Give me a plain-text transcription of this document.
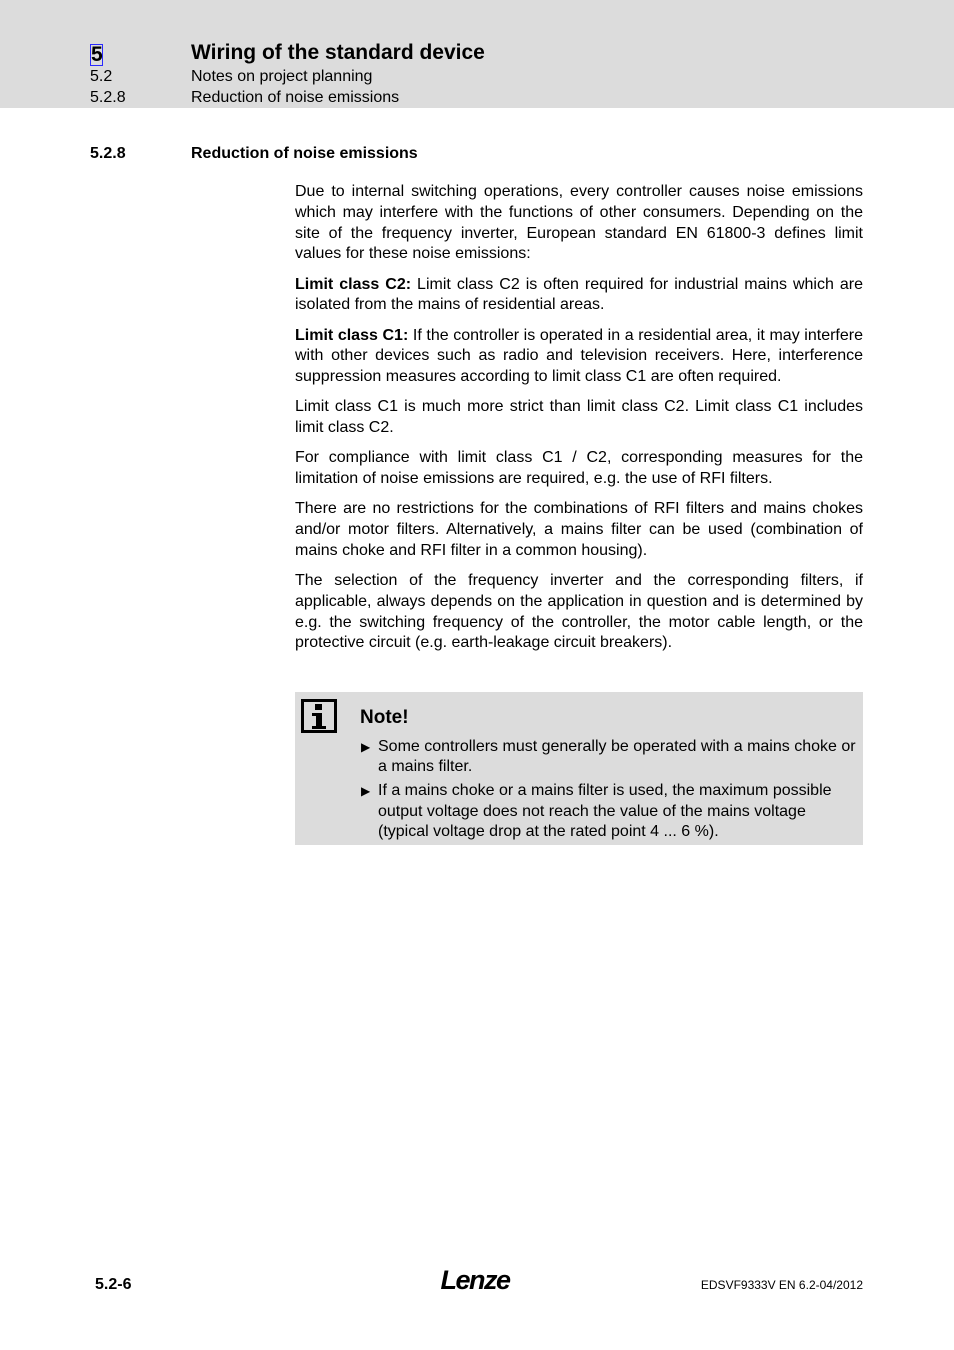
5	Wiring of the standard device
5.2	Notes on project planning
5.2.8	Reduction of noise emissions
5.2.8	Reduction of noise emissions

Due to internal switching operations, every controller causes noise emissions which may interfere with the functions of other consumers. Depending on the site of the frequency inverter, European standard EN 61800-3 defines limit values for these noise emissions:

Limit class C2: Limit class C2 is often required for industrial mains which are isolated from the mains of residential areas.

Limit class C1: If the controller is operated in a residential area, it may interfere with other devices such as radio and television receivers. Here, interference suppression measures according to limit class C1 are often required.

Limit class C1 is much more strict than limit class C2. Limit class C1 includes limit class C2.

For compliance with limit class C1 / C2, corresponding measures for the limitation of noise emissions are required, e.g. the use of RFI filters.

There are no restrictions for the combinations of RFI filters and mains chokes and/or motor filters. Alternatively, a mains filter can be used (combination of mains choke and RFI filter in a common housing).

The selection of the frequency inverter and the corresponding filters, if applicable, always depends on the application in question and is determined by e.g. the switching frequency of the controller, the motor cable length, or the protective circuit (e.g. earth-leakage circuit breakers).

Note!
▶ Some controllers must generally be operated with a mains choke or a mains filter.
▶ If a mains choke or a mains filter is used, the maximum possible output voltage does not reach the value of the mains voltage (typical voltage drop at the rated point 4 ... 6 %).
5.2-6	Lenze	EDSVF9333V EN 6.2-04/2012
